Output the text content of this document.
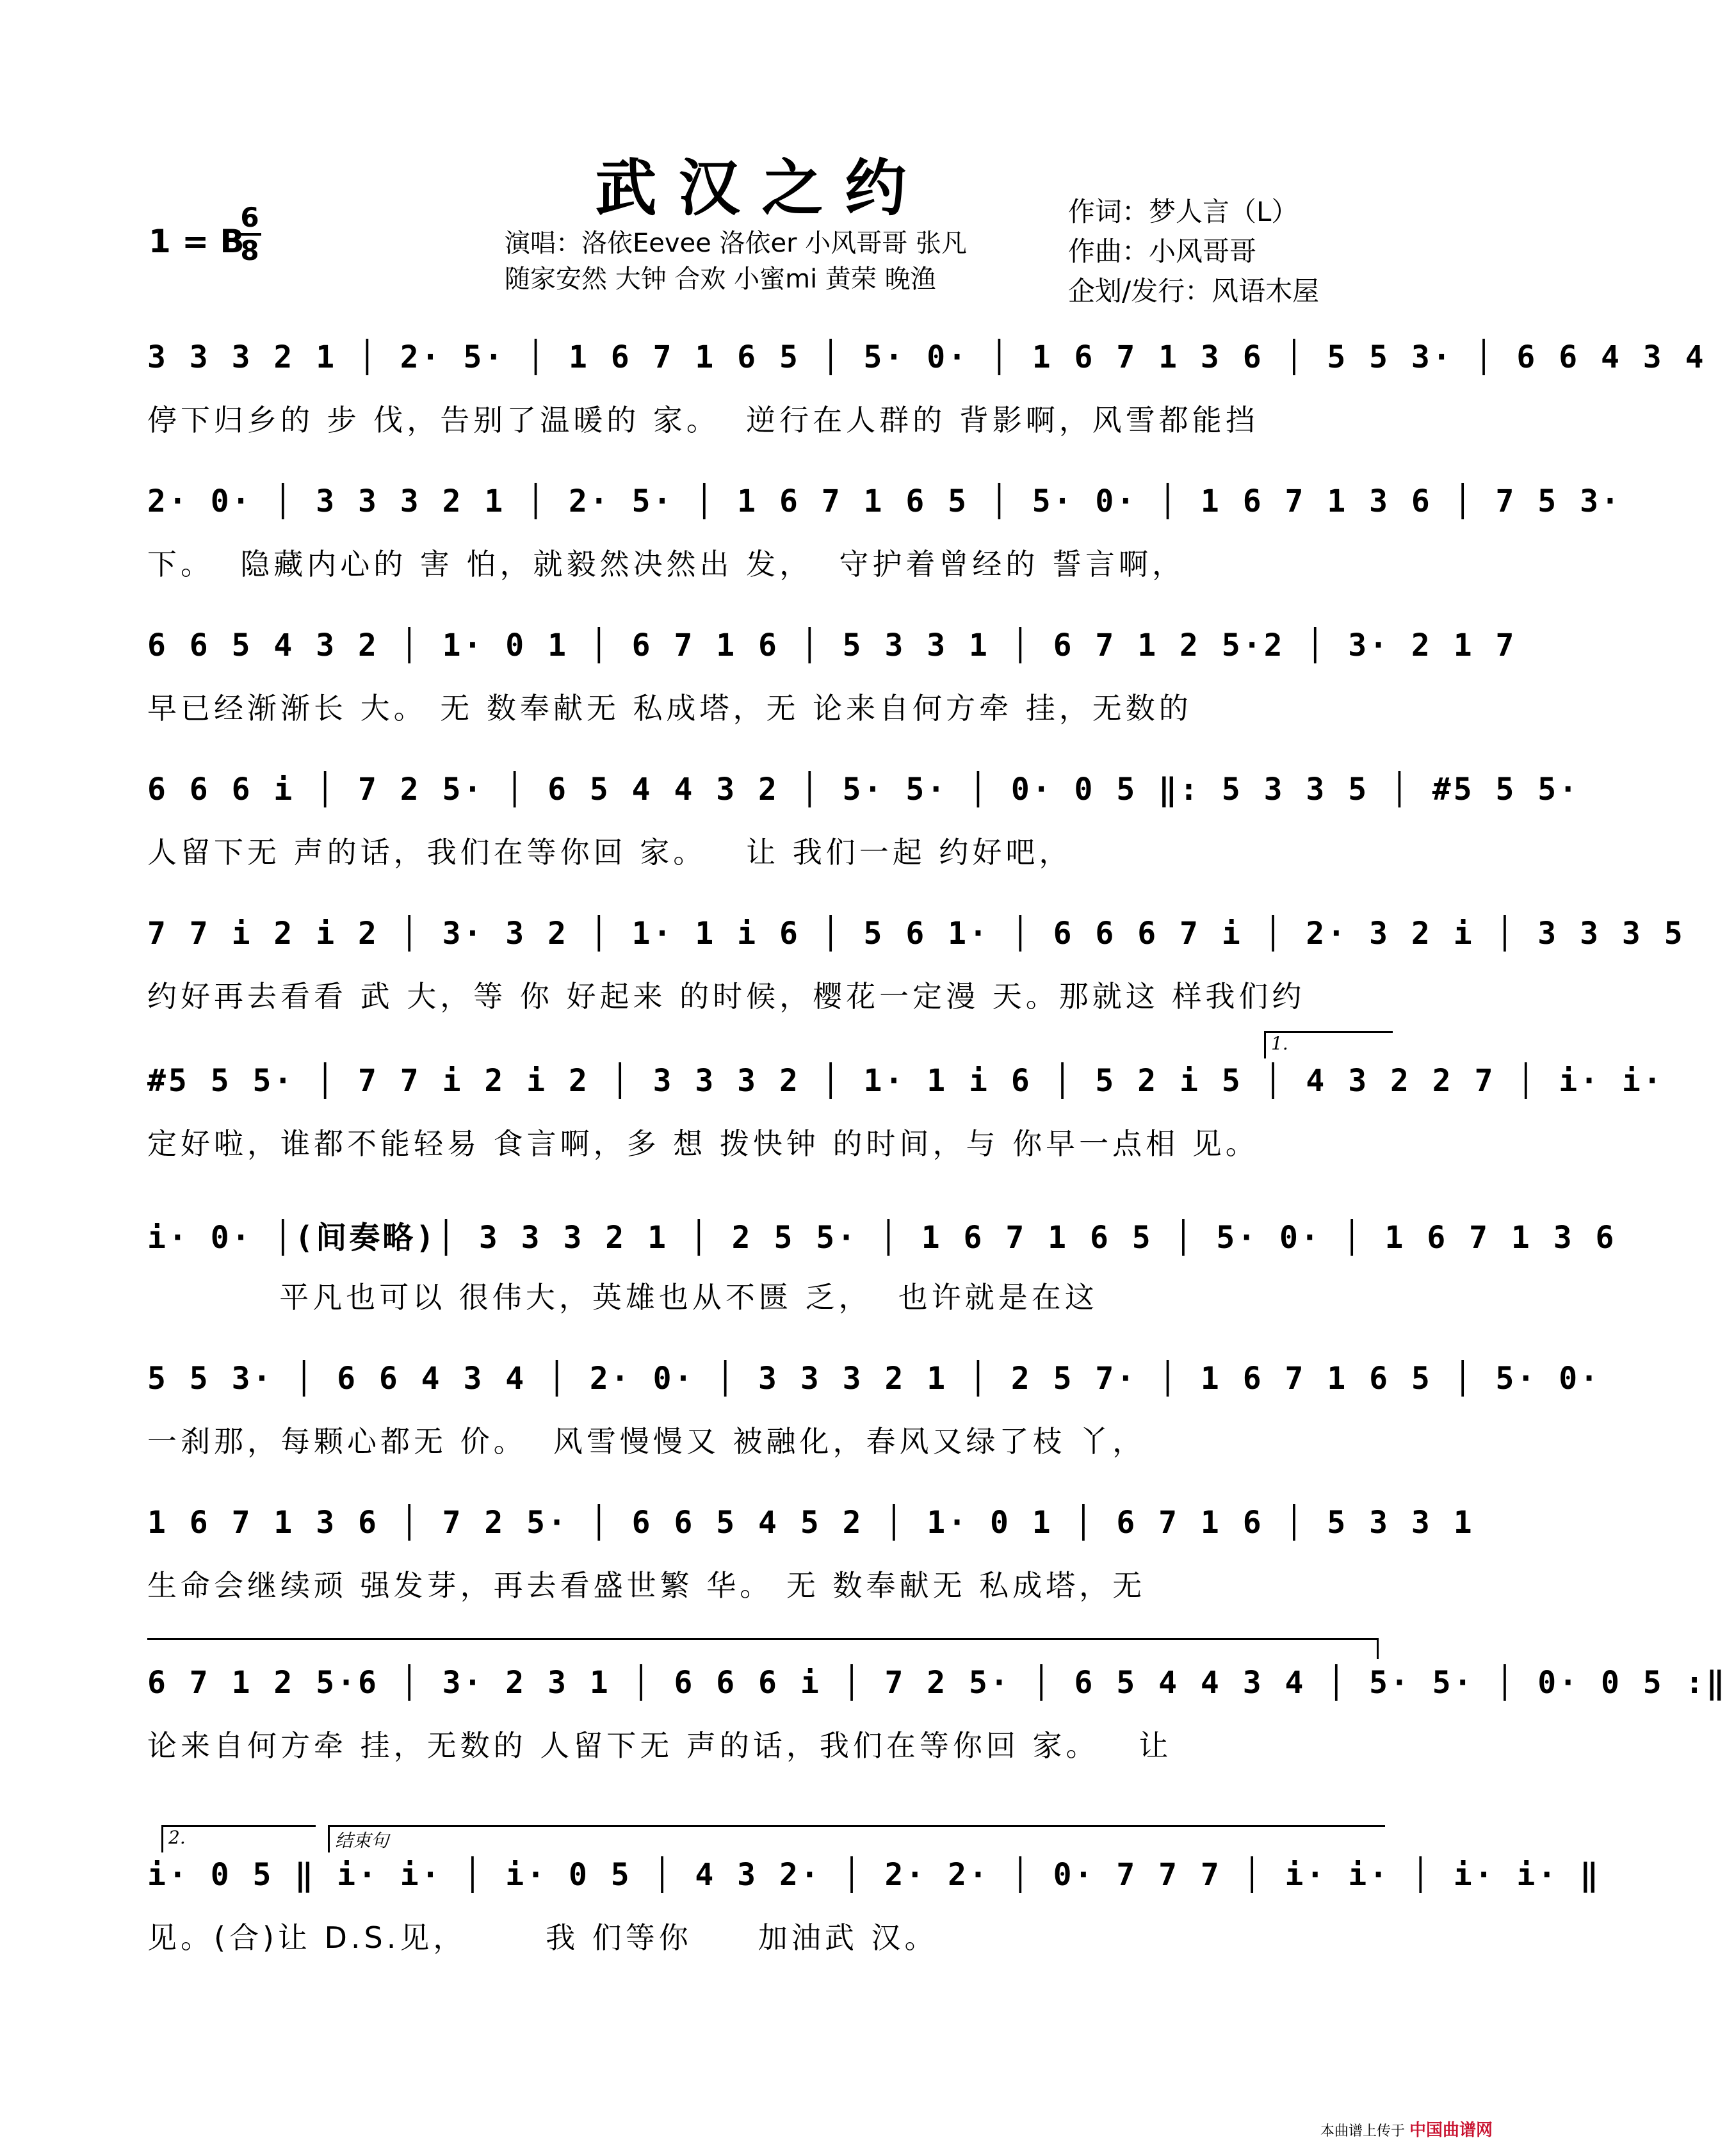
武汉之约
1 = B
6
8	演唱：洛依Eevee 洛依er 小风哥哥 张凡
随家安然 大钟 合欢 小蜜mi 黄荣 晚渔
作词：梦人言（L）
作曲：小风哥哥
企划/发行：风语木屋
3 3 3 2 1 │ 2· 5· │ 1 6 7 1 6 5 │ 5· 0· │ 1 6 7 1 3 6 │ 5 5 3· │ 6 6 4 3 4
停下归乡的 步 伐，告别了温暖的 家。  逆行在人群的 背影啊，风雪都能挡
2· 0· │ 3 3 3 2 1 │ 2· 5· │ 1 6 7 1 6 5 │ 5· 0· │ 1 6 7 1 3 6 │ 7 5 3·
下。  隐藏内心的 害 怕，就毅然决然出 发，  守护着曾经的 誓言啊，
6 6 5 4 3 2 │ 1· 0 1 │ 6 7 1 6 │ 5 3 3 1 │ 6 7 1 2 5·2 │ 3· 2 1 7
早已经渐渐长 大。 无 数奉献无 私成塔，无 论来自何方牵 挂，无数的
6 6 6 i │ 7 2 5· │ 6 5 4 4 3 2 │ 5· 5· │ 0· 0 5 ‖: 5 3 3 5 │ #5 5 5·
人留下无 声的话，我们在等你回 家。   让 我们一起 约好吧，
7 7 i 2 i 2 │ 3· 3 2 │ 1· 1 i 6 │ 5 6 1· │ 6 6 6 7 i │ 2· 3 2 i │ 3 3 3 5
约好再去看看 武 大，等 你 好起来 的时候，樱花一定漫 天。那就这 样我们约
1.
#5 5 5· │ 7 7 i 2 i 2 │ 3 3 3 2 │ 1· 1 i 6 │ 5 2 i 5 │ 4 3 2 2 7 │ i· i·
定好啦，谁都不能轻易 食言啊，多 想 拨快钟 的时间，与 你早一点相 见。
i· 0· │(间奏略)│ 3 3 3 2 1 │ 2 5 5· │ 1 6 7 1 6 5 │ 5· 0· │ 1 6 7 1 3 6
平凡也可以 很伟大，英雄也从不匮 乏，  也许就是在这
5 5 3· │ 6 6 4 3 4 │ 2· 0· │ 3 3 3 2 1 │ 2 5 7· │ 1 6 7 1 6 5 │ 5· 0·
一刹那，每颗心都无 价。  风雪慢慢又 被融化，春风又绿了枝 丫，
1 6 7 1 3 6 │ 7 2 5· │ 6 6 5 4 5 2 │ 1· 0 1 │ 6 7 1 6 │ 5 3 3 1
生命会继续顽 强发芽，再去看盛世繁 华。 无 数奉献无 私成塔，无
6 7 1 2 5·6 │ 3· 2 3 1 │ 6 6 6 i │ 7 2 5· │ 6 5 4 4 3 4 │ 5· 5· │ 0· 0 5 :‖
论来自何方牵 挂，无数的 人留下无 声的话，我们在等你回 家。   让
2.	结束句
i· 0 5 ‖ i· i· │ i· 0 5 │ 4 3 2· │ 2· 2· │ 0· 7 7 7 │ i· i· │ i· i· ‖
见。(合)让 D.S.见，      我 们等你     加油武 汉。
本曲谱上传于 中国曲谱网
